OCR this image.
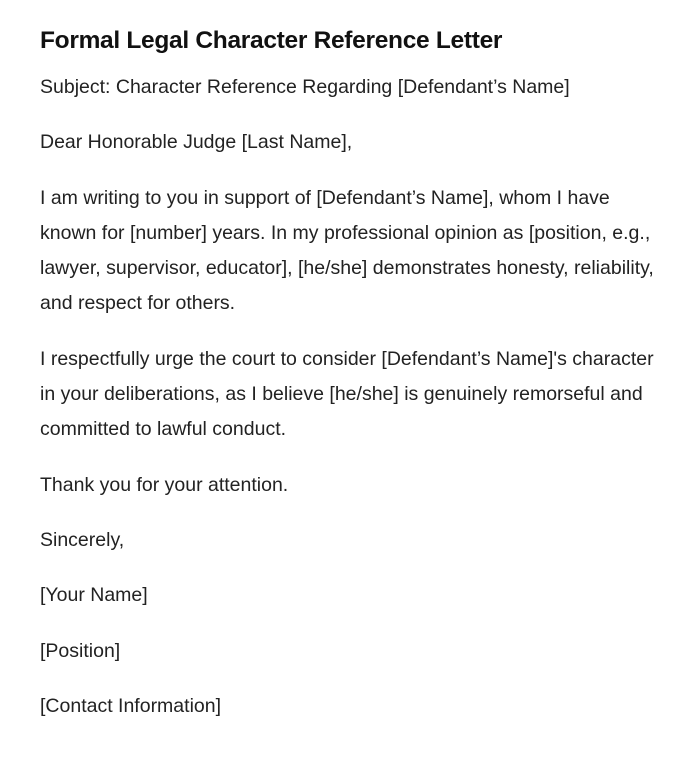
Formal Legal Character Reference Letter

Subject: Character Reference Regarding [Defendant’s Name]

Dear Honorable Judge [Last Name],

I am writing to you in support of [Defendant’s Name], whom I have known for [number] years. In my professional opinion as [position, e.g., lawyer, supervisor, educator], [he/she] demonstrates honesty, reliability, and respect for others.

I respectfully urge the court to consider [Defendant’s Name]'s character in your deliberations, as I believe [he/she] is genuinely remorseful and committed to lawful conduct.

Thank you for your attention.

Sincerely,

[Your Name]

[Position]

[Contact Information]
